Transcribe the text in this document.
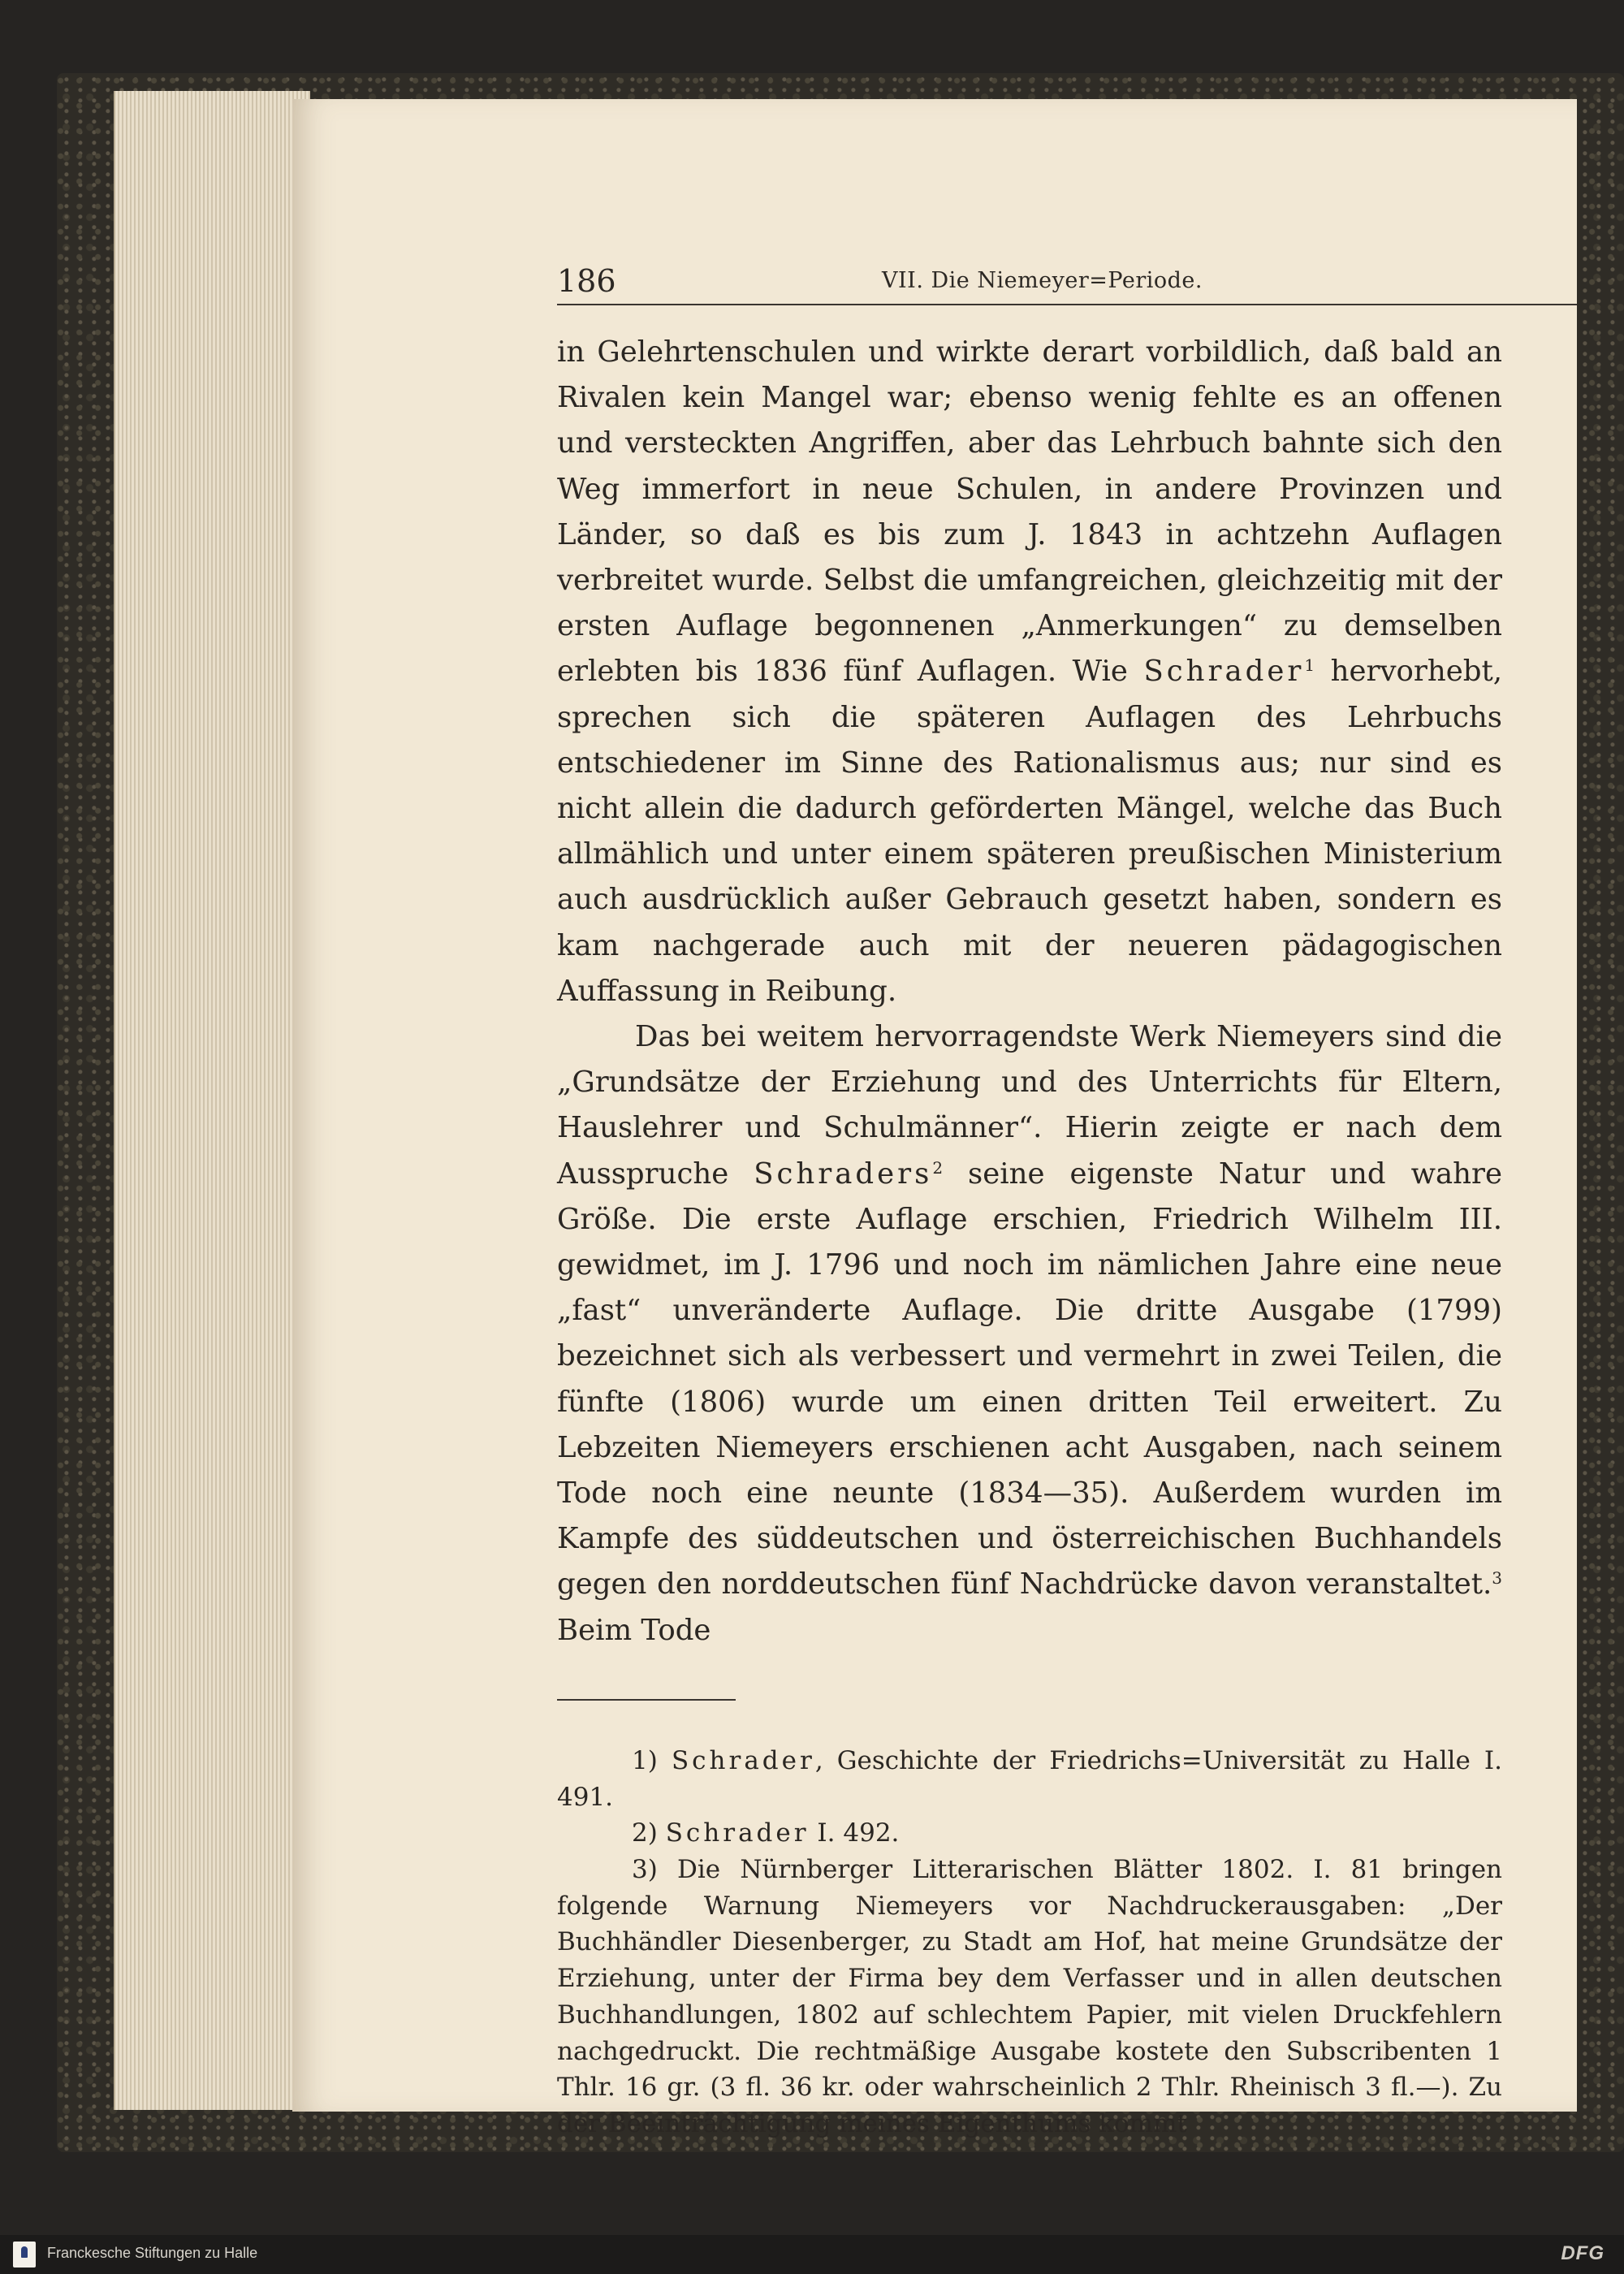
186	VII. Die Niemeyer=Periode.

in Gelehrtenschulen und wirkte derart vorbildlich, daß bald an Rivalen kein Mangel war; ebenso wenig fehlte es an offenen und versteckten Angriffen, aber das Lehrbuch bahnte sich den Weg immerfort in neue Schulen, in andere Provinzen und Länder, so daß es bis zum J. 1843 in achtzehn Auflagen verbreitet wurde. Selbst die umfangreichen, gleichzeitig mit der ersten Auflage begonnenen „Anmerkungen“ zu demselben erlebten bis 1836 fünf Auflagen. Wie Schrader$^1$ hervorhebt, sprechen sich die späteren Auflagen des Lehrbuchs entschiedener im Sinne des Rationalismus aus; nur sind es nicht allein die dadurch geförderten Mängel, welche das Buch allmählich und unter einem späteren preußischen Ministerium auch ausdrücklich außer Gebrauch gesetzt haben, sondern es kam nachgerade auch mit der neueren pädagogischen Auffassung in Reibung.

Das bei weitem hervorragendste Werk Niemeyers sind die „Grundsätze der Erziehung und des Unterrichts für Eltern, Hauslehrer und Schulmänner“. Hierin zeigte er nach dem Ausspruche Schraders$^2$ seine eigenste Natur und wahre Größe. Die erste Auflage erschien, Friedrich Wilhelm III. gewidmet, im J. 1796 und noch im nämlichen Jahre eine neue „fast“ unveränderte Auflage. Die dritte Ausgabe (1799) bezeichnet sich als verbessert und vermehrt in zwei Teilen, die fünfte (1806) wurde um einen dritten Teil erweitert. Zu Lebzeiten Niemeyers erschienen acht Ausgaben, nach seinem Tode noch eine neunte (1834—35). Außerdem wurden im Kampfe des süddeutschen und österreichischen Buchhandels gegen den norddeutschen fünf Nachdrücke davon veranstaltet.$^3$ Beim Tode

1) Schrader, Geschichte der Friedrichs=Universität zu Halle I. 491.

2) Schrader I. 492.

3) Die Nürnberger Litterarischen Blätter 1802. I. 81 bringen folgende Warnung Niemeyers vor Nachdruckerausgaben: „Der Buchhändler Diesenberger, zu Stadt am Hof, hat meine Grundsätze der Erziehung, unter der Firma bey dem Verfasser und in allen deutschen Buchhandlungen, 1802 auf schlechtem Papier, mit vielen Druckfehlern nachgedruckt. Die rechtmäßige Ausgabe kostete den Subscribenten 1 Thlr. 16 gr. (3 fl. 36 kr. oder wahrscheinlich 2 Thlr. Rheinisch 3 fl.—). Zu der Beeinträchtigung meines Eigenthums kommt

Franckesche Stiftungen zu Halle	DFG
